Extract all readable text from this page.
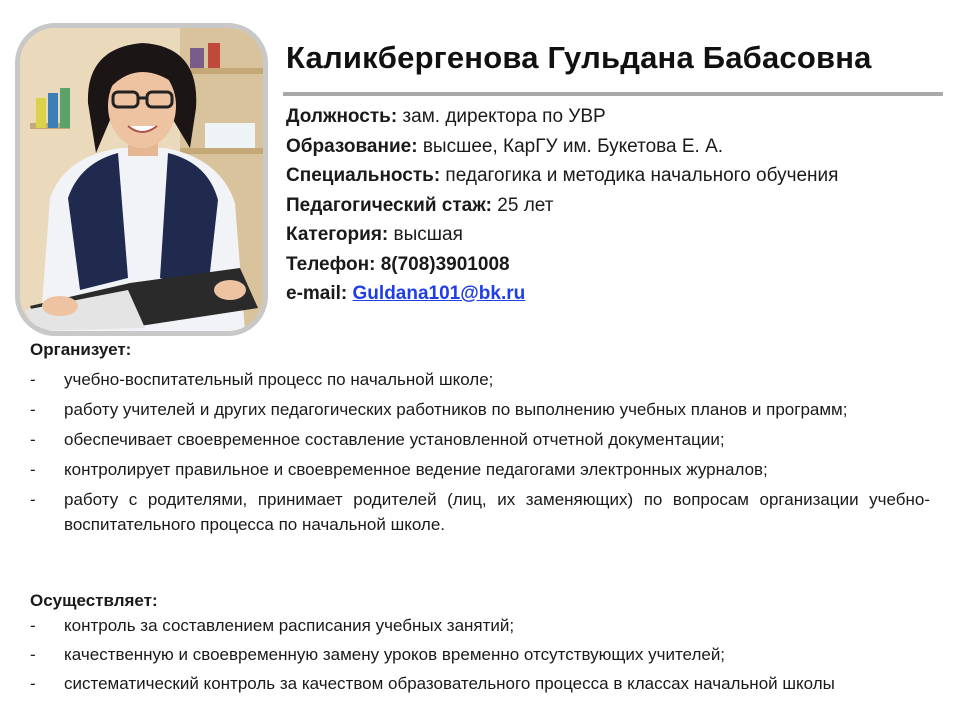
Каликбергенова Гульдана Бабасовна
Должность: зам. директора по УВР
Образование: высшее, КарГУ им. Букетова Е. А.
Специальность: педагогика и методика начального обучения
Педагогический стаж: 25 лет
Категория: высшая
Телефон: 8(708)3901008
e-mail: Guldana101@bk.ru
Организует:
- учебно-воспитательный процесс по начальной школе;
- работу учителей и других педагогических работников по выполнению учебных планов и программ;
- обеспечивает своевременное составление установленной отчетной документации;
- контролирует правильное и своевременное ведение педагогами электронных журналов;
- работу с родителями, принимает родителей (лиц, их заменяющих) по вопросам организации учебно-воспитательного процесса по начальной школе.
Осуществляет:
- контроль за составлением расписания учебных занятий;
- качественную и своевременную замену уроков временно отсутствующих учителей;
- систематический контроль за качеством образовательного процесса в классах начальной школы
